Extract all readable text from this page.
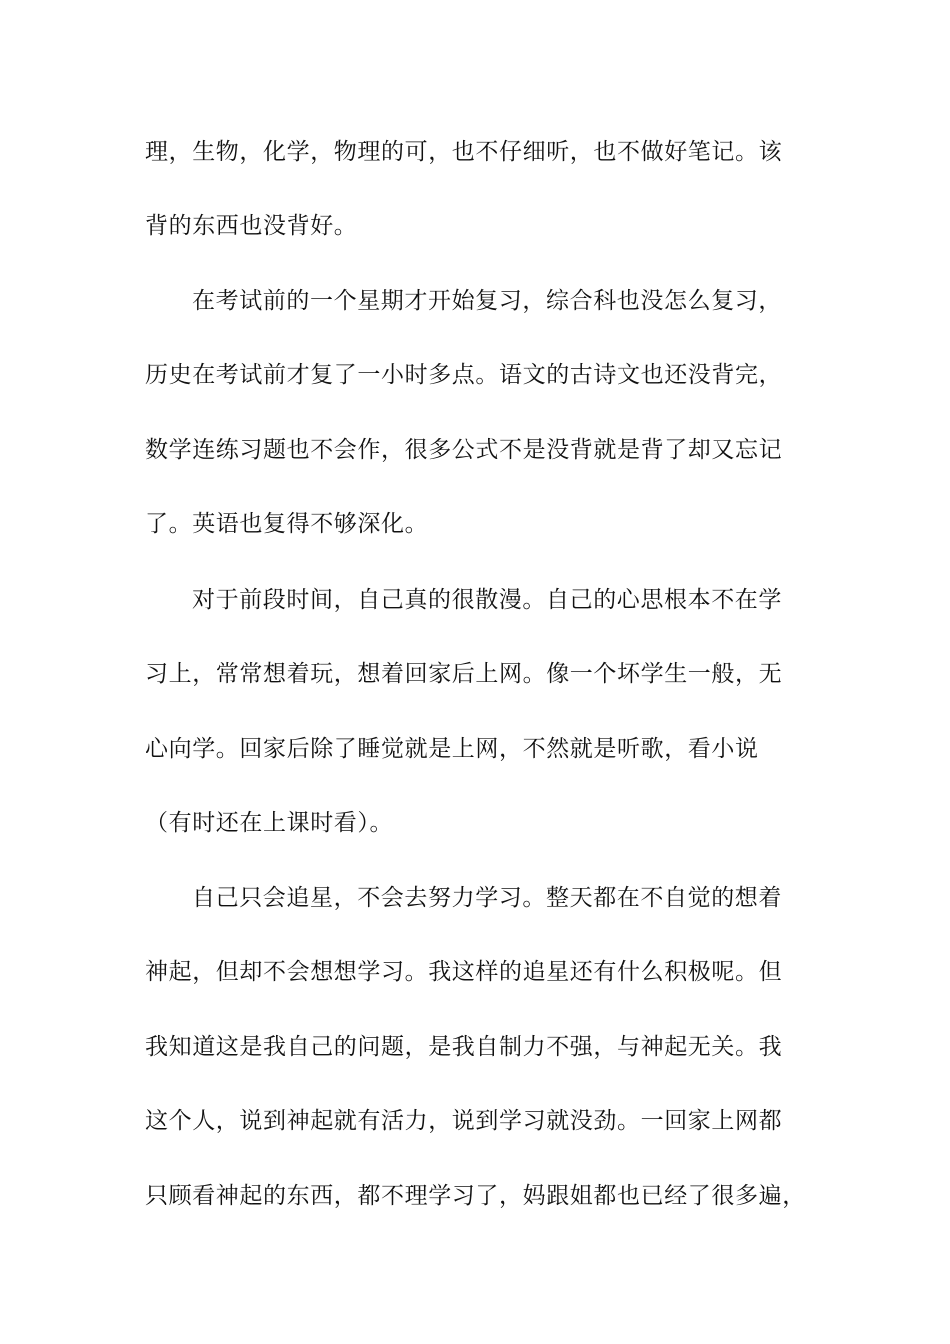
理，生物，化学，物理的可，也不仔细听，也不做好笔记。该
背的东西也没背好。
在考试前的一个星期才开始复习，综合科也没怎么复习，
历史在考试前才复了一小时多点。语文的古诗文也还没背完，
数学连练习题也不会作，很多公式不是没背就是背了却又忘记
了。英语也复得不够深化。
对于前段时间，自己真的很散漫。自己的心思根本不在学
习上，常常想着玩，想着回家后上网。像一个坏学生一般，无
心向学。回家后除了睡觉就是上网，不然就是听歌，看小说
（有时还在上课时看）。
自己只会追星，不会去努力学习。整天都在不自觉的想着
神起，但却不会想想学习。我这样的追星还有什么积极呢。但
我知道这是我自己的问题，是我自制力不强，与神起无关。我
这个人，说到神起就有活力，说到学习就没劲。一回家上网都
只顾看神起的东西，都不理学习了，妈跟姐都也已经了很多遍，
